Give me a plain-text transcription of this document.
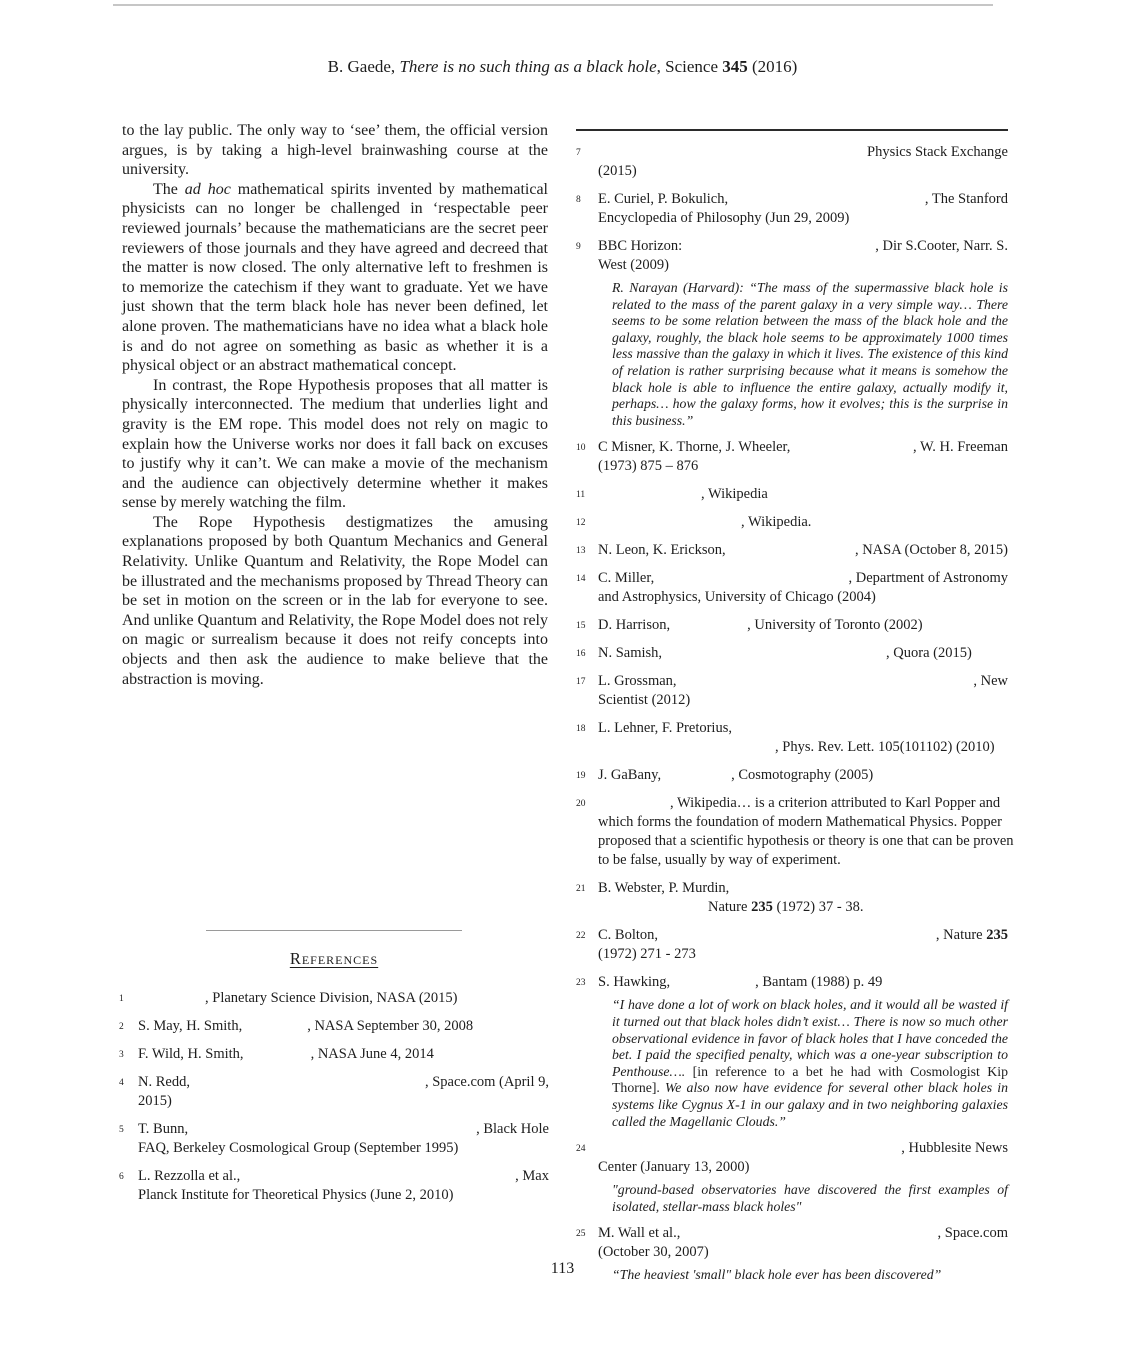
B. Gaede, There is no such thing as a black hole, Science 345 (2016)

to the lay public. The only way to ‘see’ them, the official version argues, is by taking a high-level brainwashing course at the university.

The ad hoc mathematical spirits invented by mathematical physicists can no longer be challenged in ‘respectable peer reviewed journals’ because the mathematicians are the secret peer reviewers of those journals and they have agreed and decreed that the matter is now closed. The only alternative left to freshmen is to memorize the catechism if they want to graduate. Yet we have just shown that the term black hole has never been defined, let alone proven. The mathematicians have no idea what a black hole is and do not agree on something as basic as whether it is a physical object or an abstract mathematical concept.

In contrast, the Rope Hypothesis proposes that all matter is physically interconnected. The medium that underlies light and gravity is the EM rope. This model does not rely on magic to explain how the Universe works nor does it fall back on excuses to justify why it can’t. We can make a movie of the mechanism and the audience can objectively determine whether it makes sense by merely watching the film.

The Rope Hypothesis destigmatizes the amusing explanations proposed by both Quantum Mechanics and General Relativity. Unlike Quantum and Relativity, the Rope Model can be illustrated and the mechanisms proposed by Thread Theory can be set in motion on the screen or in the lab for everyone to see. And unlike Quantum and Relativity, the Rope Model does not rely on magic or surrealism because it does not reify concepts into objects and then ask the audience to make believe that the abstraction is moving.

References
1	, Planetary Science Division, NASA (2015)
2 S. May, H. Smith,	, NASA September 30, 2008
3 F. Wild, H. Smith,	, NASA June 4, 2014
4 N. Redd,	, Space.com (April 9,
2015)
5 T. Bunn,	, Black Hole
FAQ, Berkeley Cosmological Group (September 1995)
6 L. Rezzolla et al.,	, Max
Planck Institute for Theoretical Physics (June 2, 2010)
7	Physics Stack Exchange
(2015)
8 E. Curiel, P. Bokulich,	, The Stanford
Encyclopedia of Philosophy (Jun 29, 2009)
9 BBC Horizon:	, Dir S.Cooter, Narr. S.
West (2009)
R. Narayan (Harvard): “The mass of the supermassive black hole is related to the mass of the parent galaxy in a very simple way… There seems to be some relation between the mass of the black hole and the galaxy, roughly, the black hole seems to be approximately 1000 times less massive than the galaxy in which it lives. The existence of this kind of relation is rather surprising because what it means is somehow the black hole is able to influence the entire galaxy, actually modify it, perhaps… how the galaxy forms, how it evolves; this is the surprise in this business.”
10 C Misner, K. Thorne, J. Wheeler,	, W. H. Freeman
(1973) 875 – 876
11	, Wikipedia
12	, Wikipedia.
13 N. Leon, K. Erickson,	, NASA (October 8, 2015)
14 C. Miller,	, Department of Astronomy
and Astrophysics, University of Chicago (2004)
15 D. Harrison,	, University of Toronto (2002)
16 N. Samish,	, Quora (2015)
17 L. Grossman,	, New
Scientist (2012)
18 L. Lehner, F. Pretorius,
, Phys. Rev. Lett. 105(101102) (2010)
19 J. GaBany,	, Cosmotography (2005)
20	, Wikipedia… is a criterion attributed to Karl Popper and
which forms the foundation of modern Mathematical Physics. Popper
proposed that a scientific hypothesis or theory is one that can be proven
to be false, usually by way of experiment.
21 B. Webster, P. Murdin,
Nature 235 (1972) 37 - 38.
22 C. Bolton,	, Nature 235
(1972) 271 - 273
23 S. Hawking,	, Bantam (1988) p. 49
“I have done a lot of work on black holes, and it would all be wasted if it turned out that black holes didn’t exist… There is now so much other observational evidence in favor of black holes that I have conceded the bet. I paid the specified penalty, which was a one-year subscription to Penthouse…. [in reference to a bet he had with Cosmologist Kip Thorne]. We also now have evidence for several other black holes in systems like Cygnus X-1 in our galaxy and in two neighboring galaxies called the Magellanic Clouds.”
24	, Hubblesite News
Center (January 13, 2000)
"ground-based observatories have discovered the first examples of isolated, stellar-mass black holes"
25 M. Wall et al.,	, Space.com
(October 30, 2007)
“The heaviest 'small" black hole ever has been discovered”
113
